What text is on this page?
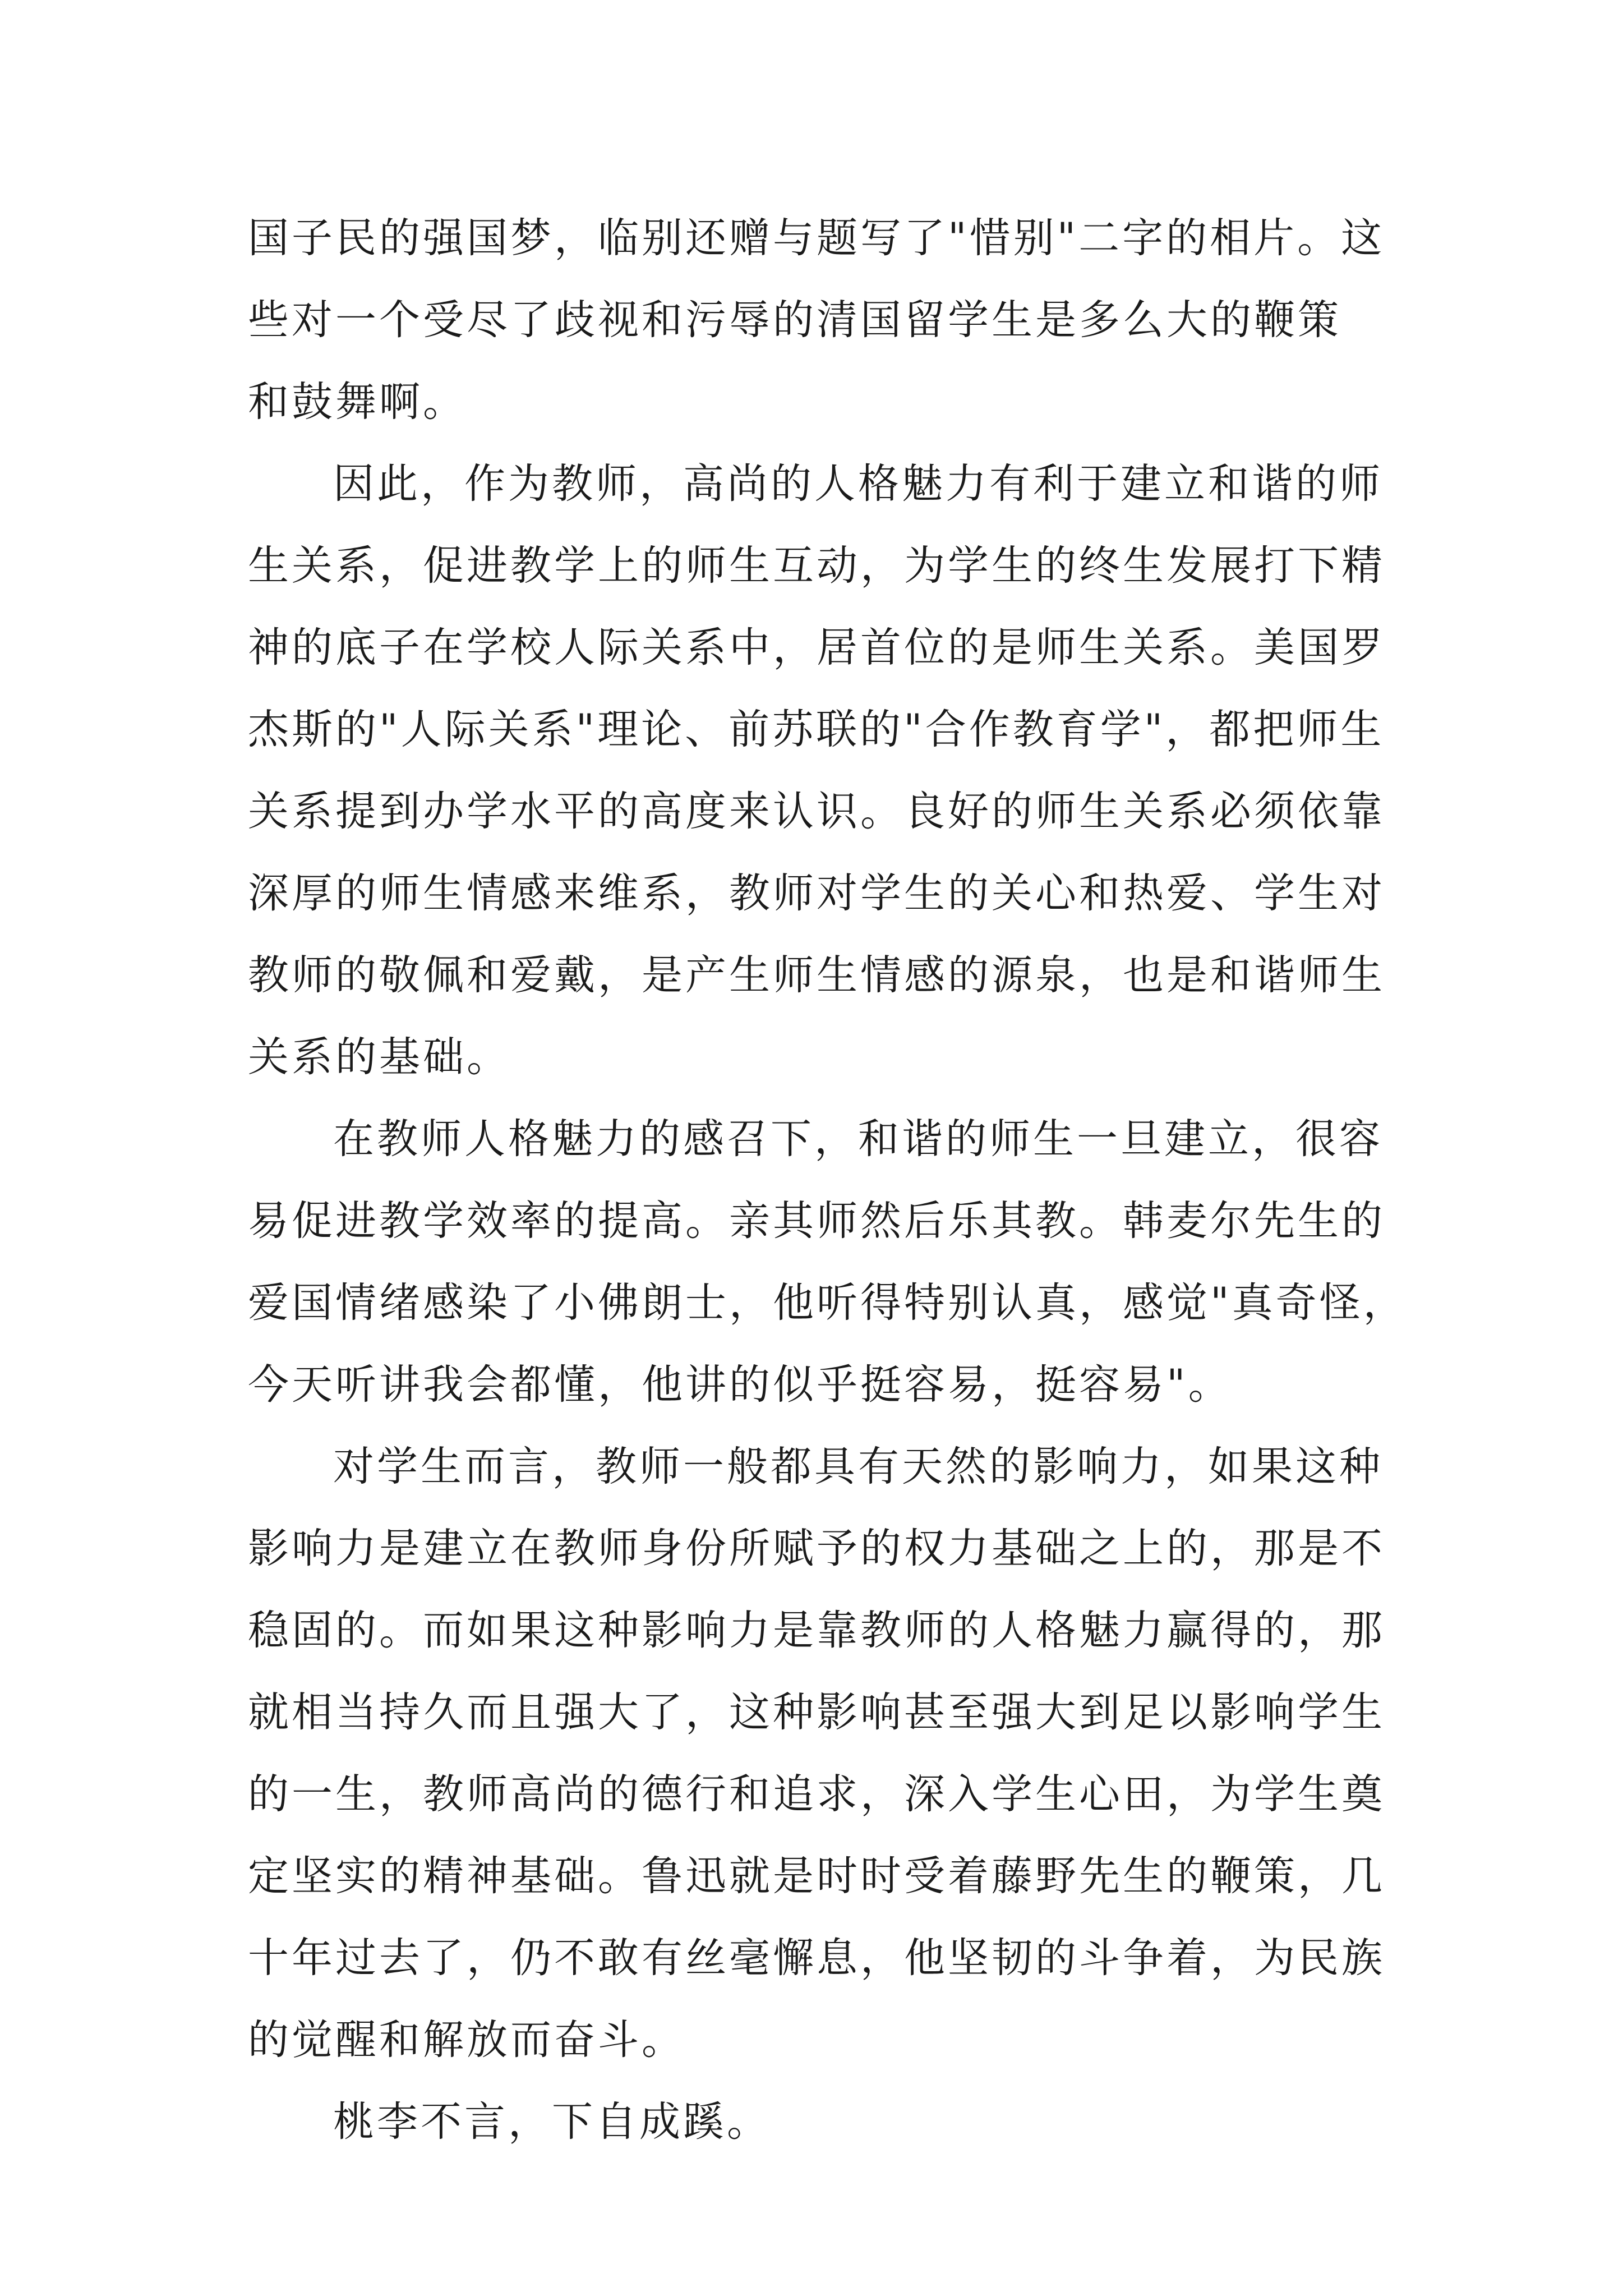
国子民的强国梦，临别还赠与题写了"惜别"二字的相片。这
些对一个受尽了歧视和污辱的清国留学生是多么大的鞭策
和鼓舞啊。

因此，作为教师，高尚的人格魅力有利于建立和谐的师
生关系，促进教学上的师生互动，为学生的终生发展打下精
神的底子在学校人际关系中，居首位的是师生关系。美国罗
杰斯的"人际关系"理论、前苏联的"合作教育学"，都把师生
关系提到办学水平的高度来认识。良好的师生关系必须依靠
深厚的师生情感来维系，教师对学生的关心和热爱、学生对
教师的敬佩和爱戴，是产生师生情感的源泉，也是和谐师生
关系的基础。

在教师人格魅力的感召下，和谐的师生一旦建立，很容
易促进教学效率的提高。亲其师然后乐其教。韩麦尔先生的
爱国情绪感染了小佛朗士，他听得特别认真，感觉"真奇怪，
今天听讲我会都懂，他讲的似乎挺容易，挺容易"。

对学生而言，教师一般都具有天然的影响力，如果这种
影响力是建立在教师身份所赋予的权力基础之上的，那是不
稳固的。而如果这种影响力是靠教师的人格魅力赢得的，那
就相当持久而且强大了，这种影响甚至强大到足以影响学生
的一生，教师高尚的德行和追求，深入学生心田，为学生奠
定坚实的精神基础。鲁迅就是时时受着藤野先生的鞭策，几
十年过去了，仍不敢有丝毫懈息，他坚韧的斗争着，为民族
的觉醒和解放而奋斗。

桃李不言，下自成蹊。
